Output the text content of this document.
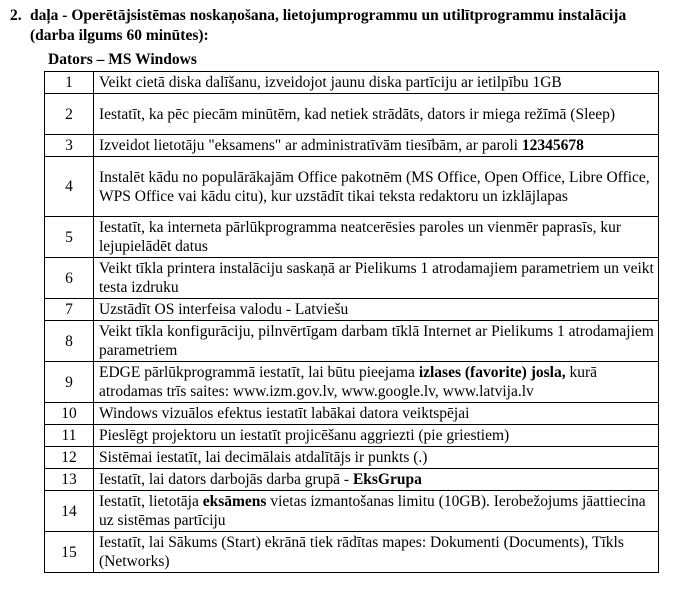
2. daļa - Operētājsistēmas noskaņošana, lietojumprogrammu un utilītprogrammu instalācija (darba ilgums 60 minūtes):
Dators – MS Windows
1	Veikt cietā diska dalīšanu, izveidojot jaunu diska partīciju ar ietilpību 1GB
2	Iestatīt, ka pēc piecām minūtēm, kad netiek strādāts, dators ir miega režīmā (Sleep)
3	Izveidot lietotāju "eksamens" ar administratīvām tiesībām, ar paroli 12345678
4	Instalēt kādu no populārākajām Office pakotnēm (MS Office, Open Office, Libre Office, WPS Office vai kādu citu), kur uzstādīt tikai teksta redaktoru un izklājlapas
5	Iestatīt, ka interneta pārlūkprogramma neatcerēsies paroles un vienmēr paprasīs, kur lejupielādēt datus
6	Veikt tīkla printera instalāciju saskaņā ar Pielikums 1 atrodamajiem parametriem un veikt testa izdruku
7	Uzstādīt OS interfeisa valodu - Latviešu
8	Veikt tīkla konfigurāciju, pilnvērtīgam darbam tīklā Internet ar Pielikums 1 atrodamajiem parametriem
9	EDGE pārlūkprogrammā iestatīt, lai būtu pieejama izlases (favorite) josla, kurā atrodamas trīs saites: www.izm.gov.lv, www.google.lv, www.latvija.lv
10	Windows vizuālos efektus iestatīt labākai datora veiktspējai
11	Pieslēgt projektoru un iestatīt projicēšanu aggriezti (pie griestiem)
12	Sistēmai iestatīt, lai decimālais atdalītājs ir punkts (.)
13	Iestatīt, lai dators darbojās darba grupā - EksGrupa
14	Iestatīt, lietotāja eksāmens vietas izmantošanas limitu (10GB). Ierobežojums jāattiecina uz sistēmas partīciju
15	Iestatīt, lai Sākums (Start) ekrānā tiek rādītas mapes: Dokumenti (Documents), Tīkls (Networks)
